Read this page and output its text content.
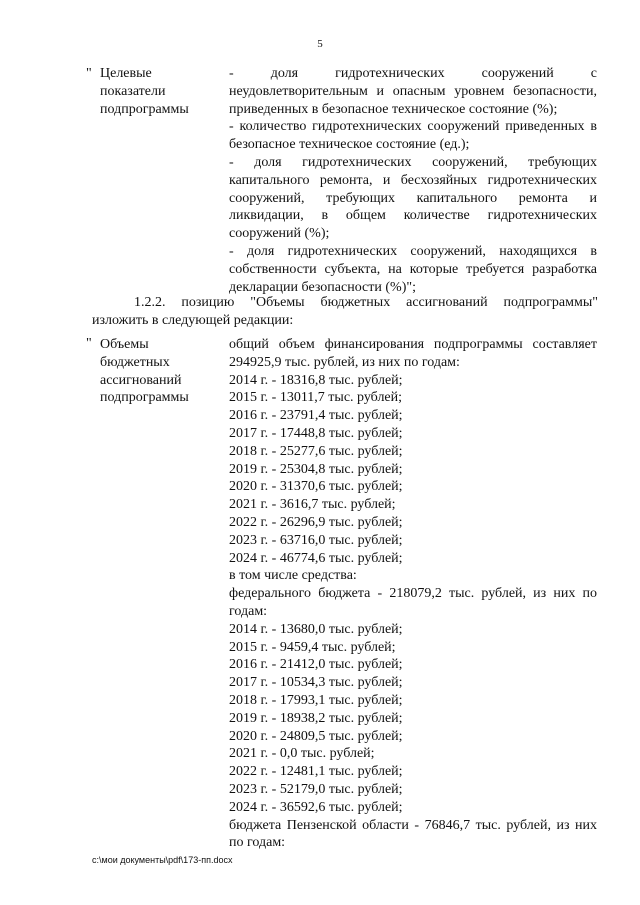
5
" Целевые показатели подпрограммы

- доля гидротехнических сооружений с неудовлетворительным и опасным уровнем безопасности, приведенных в безопасное техническое состояние (%);

- количество гидротехнических сооружений приведенных в безопасное техническое состояние (ед.);

- доля гидротехнических сооружений, требующих капитального ремонта, и бесхозяйных гидротехнических сооружений, требующих капитального ремонта и ликвидации, в общем количестве гидротехнических сооружений (%);

- доля гидротехнических сооружений, находящихся в собственности субъекта, на которые требуется разработка декларации безопасности (%)";

1.2.2. позицию "Объемы бюджетных ассигнований подпрограммы"

изложить в следующей редакции:

" Объемы бюджетных ассигнований подпрограммы

общий объем финансирования подпрограммы составляет 294925,9 тыс. рублей, из них по годам:

2014 г. - 18316,8 тыс. рублей;

2015 г. - 13011,7 тыс. рублей;

2016 г. - 23791,4 тыс. рублей;

2017 г. - 17448,8 тыс. рублей;

2018 г. - 25277,6 тыс. рублей;

2019 г. - 25304,8 тыс. рублей;

2020 г. - 31370,6 тыс. рублей;

2021 г. - 3616,7 тыс. рублей;

2022 г. - 26296,9 тыс. рублей;

2023 г. - 63716,0 тыс. рублей;

2024 г. - 46774,6 тыс. рублей;

в том числе средства:

федерального бюджета - 218079,2 тыс. рублей, из них по годам:

2014 г. - 13680,0 тыс. рублей;

2015 г. - 9459,4 тыс. рублей;

2016 г. - 21412,0 тыс. рублей;

2017 г. - 10534,3 тыс. рублей;

2018 г. - 17993,1 тыс. рублей;

2019 г. - 18938,2 тыс. рублей;

2020 г. - 24809,5 тыс. рублей;

2021 г. - 0,0 тыс. рублей;

2022 г. - 12481,1 тыс. рублей;

2023 г. - 52179,0 тыс. рублей;

2024 г. - 36592,6 тыс. рублей;

бюджета Пензенской области - 76846,7 тыс. рублей, из них по годам:

c:\мои документы\pdf\173-пп.docx
